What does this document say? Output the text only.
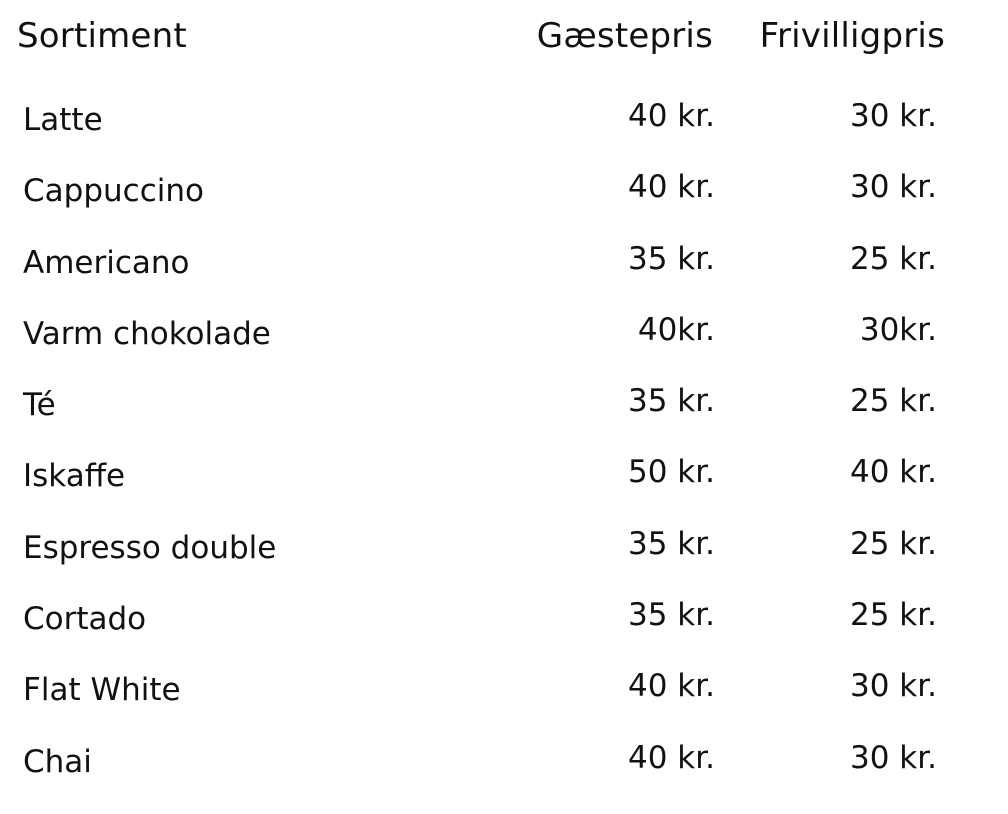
Sortiment	Gæstepris Frivilligpris
Latte	40 kr.	30 kr.
Cappuccino	40 kr.	30 kr.
Americano	35 kr.	25 kr.
Varm chokolade	40kr.	30kr.
Té	35 kr.	25 kr.
Iskaffe	50 kr.	40 kr.
Espresso double	35 kr.	25 kr.
Cortado	35 kr.	25 kr.
Flat White	40 kr.	30 kr.
Chai	40 kr.	30 kr.
